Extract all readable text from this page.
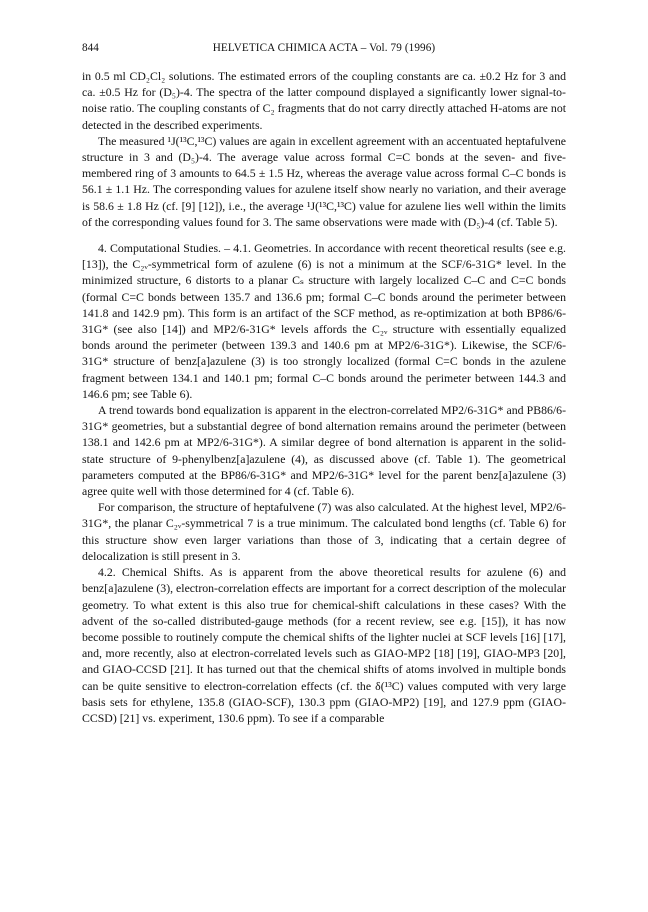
844	HELVETICA CHIMICA ACTA – Vol. 79 (1996)

in 0.5 ml CD₂Cl₂ solutions. The estimated errors of the coupling constants are ca. ±0.2 Hz for 3 and ca. ±0.5 Hz for (D₅)-4. The spectra of the latter compound displayed a significantly lower signal-to-noise ratio. The coupling constants of C₂ fragments that do not carry directly attached H-atoms are not detected in the described experiments.

The measured ¹J(¹³C,¹³C) values are again in excellent agreement with an accentuated heptafulvene structure in 3 and (D₅)-4. The average value across formal C=C bonds at the seven- and five-membered ring of 3 amounts to 64.5 ± 1.5 Hz, whereas the average value across formal C–C bonds is 56.1 ± 1.1 Hz. The corresponding values for azulene itself show nearly no variation, and their average is 58.6 ± 1.8 Hz (cf. [9] [12]), i.e., the average ¹J(¹³C,¹³C) value for azulene lies well within the limits of the corresponding values found for 3. The same observations were made with (D₅)-4 (cf. Table 5).

4. Computational Studies. – 4.1. Geometries. In accordance with recent theoretical results (see e.g. [13]), the C₂ᵥ-symmetrical form of azulene (6) is not a minimum at the SCF/6-31G* level. In the minimized structure, 6 distorts to a planar Cₛ structure with largely localized C–C and C=C bonds (formal C=C bonds between 135.7 and 136.6 pm; formal C–C bonds around the perimeter between 141.8 and 142.9 pm). This form is an artifact of the SCF method, as re-optimization at both BP86/6-31G* (see also [14]) and MP2/6-31G* levels affords the C₂ᵥ structure with essentially equalized bonds around the perimeter (between 139.3 and 140.6 pm at MP2/6-31G*). Likewise, the SCF/6-31G* structure of benz[a]azulene (3) is too strongly localized (formal C=C bonds in the azulene fragment between 134.1 and 140.1 pm; formal C–C bonds around the perimeter between 144.3 and 146.6 pm; see Table 6).

A trend towards bond equalization is apparent in the electron-correlated MP2/6-31G* and PB86/6-31G* geometries, but a substantial degree of bond alternation remains around the perimeter (between 138.1 and 142.6 pm at MP2/6-31G*). A similar degree of bond alternation is apparent in the solid-state structure of 9-phenylbenz[a]azulene (4), as discussed above (cf. Table 1). The geometrical parameters computed at the BP86/6-31G* and MP2/6-31G* level for the parent benz[a]azulene (3) agree quite well with those determined for 4 (cf. Table 6).

For comparison, the structure of heptafulvene (7) was also calculated. At the highest level, MP2/6-31G*, the planar C₂ᵥ-symmetrical 7 is a true minimum. The calculated bond lengths (cf. Table 6) for this structure show even larger variations than those of 3, indicating that a certain degree of delocalization is still present in 3.

4.2. Chemical Shifts. As is apparent from the above theoretical results for azulene (6) and benz[a]azulene (3), electron-correlation effects are important for a correct description of the molecular geometry. To what extent is this also true for chemical-shift calculations in these cases? With the advent of the so-called distributed-gauge methods (for a recent review, see e.g. [15]), it has now become possible to routinely compute the chemical shifts of the lighter nuclei at SCF levels [16] [17], and, more recently, also at electron-correlated levels such as GIAO-MP2 [18] [19], GIAO-MP3 [20], and GIAO-CCSD [21]. It has turned out that the chemical shifts of atoms involved in multiple bonds can be quite sensitive to electron-correlation effects (cf. the δ(¹³C) values computed with very large basis sets for ethylene, 135.8 (GIAO-SCF), 130.3 ppm (GIAO-MP2) [19], and 127.9 ppm (GIAO-CCSD) [21] vs. experiment, 130.6 ppm). To see if a comparable
